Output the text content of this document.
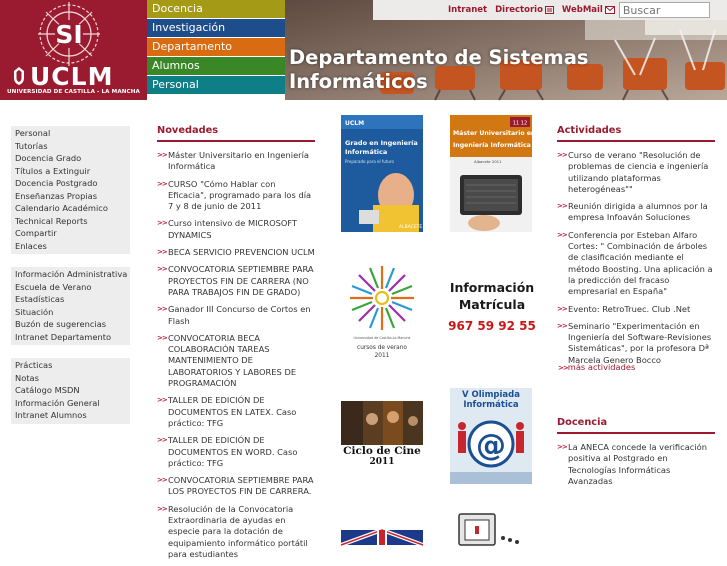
SI
UCLM
UNIVERSIDAD DE CASTILLA - LA MANCHA
Docencia
Investigación
Departamento
Alumnos
Personal
Intranet Directorio WebMail
Buscar
Departamento de Sistemas
Informáticos
Personal
Tutorías
Docencia Grado
Títulos a Extinguir
Docencia Postgrado
Enseñanzas Propias
Calendario Académico
Technical Reports
Compartir
Enlaces
Información Administrativa
Escuela de Verano
Estadísticas
Situación
Buzón de sugerencias
Intranet Departamento
Prácticas
Notas
Catálogo MSDN
Información General
Intranet Alumnos
Novedades
>> Máster Universitario en Ingeniería Informática
>> CURSO "Cómo Hablar con Eficacia", programado para los día 7 y 8 de junio de 2011
>> Curso intensivo de MICROSOFT DYNAMICS
>> BECA SERVICIO PREVENCION UCLM
>> CONVOCATORIA SEPTIEMBRE PARA PROYECTOS FIN DE CARRERA (NO PARA TRABAJOS FIN DE GRADO)
>> Ganador III Concurso de Cortos en Flash
>> CONVOCATORIA BECA COLABORACIÓN TAREAS MANTENIMIENTO DE LABORATORIOS Y LABORES DE PROGRAMACIÓN
>> TALLER DE EDICIÓN DE DOCUMENTOS EN LATEX. Caso práctico: TFG
>> TALLER DE EDICIÓN DE DOCUMENTOS EN WORD. Caso práctico: TFG
>> CONVOCATORIA SEPTIEMBRE PARA LOS PROYECTOS FIN DE CARRERA.
>> Resolución de la Convocatoria Extraordinaria de ayudas en especie para la dotación de equipamiento informático portátil para estudiantes
UCLM
Grado en Ingeniería
Informática
Preparado para el futuro
ALBACETE
11 12
Máster Universitario en
Ingeniería Informática
Albacete 2011
Universidad de Castilla-La Mancha
cursos de verano
2011
Información
Matrícula
967 59 92 55
Ciclo de Cine
2011
V Olimpiada
Informática
@
Actividades
>> Curso de verano "Resolución de problemas de ciencia e ingeniería utilizando plataformas heterogéneas""
>> Reunión dirigida a alumnos por la empresa Infoaván Soluciones
>> Conferencia por Esteban Alfaro Cortes: " Combinación de árboles de clasificación mediante el método Boosting. Una aplicación a la predicción del fracaso empresarial en España"
>> Evento: RetroTruec. Club .Net
>> Seminario "Experimentación en Ingeniería del Software-Revisiones Sistemáticas", por la profesora Dª Marcela Genero Bocco
>>más actividades
Docencia
>> La ANECA concede la verificación positiva al Postgrado en Tecnologías Informáticas Avanzadas
